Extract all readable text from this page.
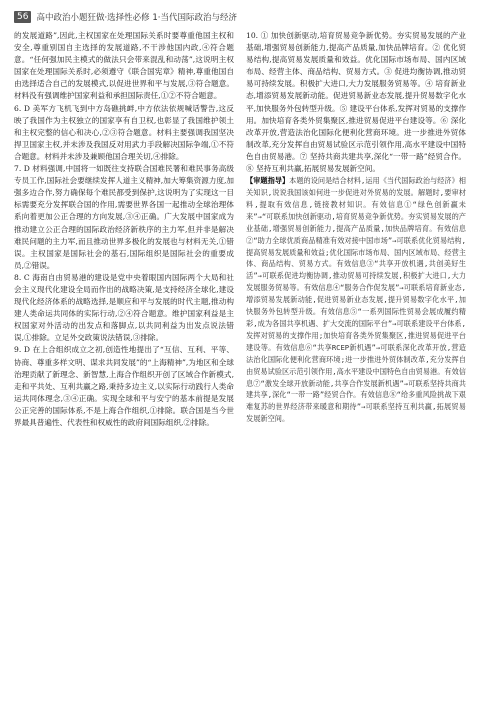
56 高中政治小题狂做·选择性必修 1·当代国际政治与经济

的发展道路”,因此,主权国家在处理国际关系时要尊重他国主权和安全,尊重别国自主选择的发展道路,不干涉他国内政,④符合题意。“任何强加民主模式的做法只会带来混乱和动荡”,这说明主权国家在处理国际关系时,必须遵守《联合国宪章》精神,尊重他国自由选择适合自己的发展模式,以促进世界和平与发展,③符合题意。材料没有强调维护国家利益和承担国际责任,①②不符合题意。

6. D 美军方飞机飞到中方岛礁挑衅,中方依法依规喊话警告,这反映了我国作为主权独立的国家享有自卫权,也彰显了我国维护领土和主权完整的信心和决心,②③符合题意。材料主要强调我国坚决捍卫国家主权,并未涉及我国反对用武力手段解决国际争端,①不符合题意。材料并未涉及兼顾他国合理关切,④排除。

7. D 材料强调,中国将一如既往支持联合国难民署和难民事务高级专员工作,国际社会要继续发挥人道主义精神,加大筹集资源力度,加强多边合作,努力确保每个难民都受到保护,这说明为了实现这一目标需要充分发挥联合国的作用,需要世界各国一起推动全球治理体系向着更加公正合理的方向发展,③④正确。广大发展中国家成为推动建立公正合理的国际政治经济新秩序的主力军,但并非是解决难民问题的主力军,而且推动世界多极化的发展也与材料无关,①错误。主权国家是国际社会的基石,国际组织是国际社会的重要成员,②错误。

8. C 海南自由贸易港的建设是党中央着眼国内国际两个大局和社会主义现代化建设全局而作出的战略决策,是支持经济全球化,建设现代化经济体系的战略选择,是顺应和平与发展的时代主题,推动构建人类命运共同体的实际行动,②④符合题意。维护国家利益是主权国家对外活动的出发点和落脚点,以共同利益为出发点说法错误,①排除。立足外交政策说法错误,③排除。

9. D 在上合组织成立之初,创造性地提出了“互信、互利、平等、协商、尊重多样文明、谋求共同发展”的“上海精神”,为地区和全球治理贡献了新理念、新智慧,上海合作组织开创了区域合作新模式,走和平共处、互利共赢之路,秉持多边主义,以实际行动践行人类命运共同体理念,③④正确。实现全球和平与安宁的基本前提是发展公正完善的国际体系,不是上海合作组织,①排除。联合国是当今世界最具普遍性、代表性和权威性的政府间国际组织,②排除。

10. ① 加快创新驱动,培育贸易竞争新优势。夯实贸易发展的产业基础,增强贸易创新能力,提高产品质量,加快品牌培育。② 优化贸易结构,提高贸易发展质量和效益。优化国际市场布局、国内区域布局、经营主体、商品结构、贸易方式。③ 促进均衡协调,推动贸易可持续发展。积极扩大进口,大力发展服务贸易等。④ 培育新业态,增添贸易发展新动能。促进贸易新业态发展,提升贸易数字化水平,加快服务外包转型升级。⑤ 建设平台体系,发挥对贸易的支撑作用。加快培育各类外贸集聚区,推进贸易促进平台建设等。⑥ 深化改革开放,营造法治化国际化便利化营商环境。进一步推进外贸体制改革,充分发挥自由贸易试验区示范引领作用,高水平建设中国特色自由贸易港。⑦ 坚持共商共建共享,深化“一带一路”经贸合作。⑧ 坚持互利共赢,拓展贸易发展新空间。

【审题指导】本题的设问是结合材料,运用《当代国际政治与经济》相关知识,说说我国该如何进一步促进对外贸易的发展。解题时,要审材料,提取有效信息,链接教材知识。有效信息①“绿色创新赢未来”→“可联系加快创新驱动,培育贸易竞争新优势。夯实贸易发展的产业基础,增强贸易创新能力,提高产品质量,加快品牌培育。有效信息②“助力全球优质商品精准有效对接中国市场”→可联系优化贸易结构,提高贸易发展质量和效益;优化国际市场布局、国内区域布局、经营主体、商品结构、贸易方式。有效信息③“共享开放机遇,共创美好生活”→可联系促进均衡协调,推动贸易可持续发展,积极扩大进口,大力发展服务贸易等。有效信息④“服务合作促发展”→可联系培育新业态,增添贸易发展新动能,促进贸易新业态发展,提升贸易数字化水平,加快服务外包转型升级。有效信息⑤“一系列国际性贸易会展成履约精彩,成为各国共享机遇、扩大交流的国际平台”→可联系建设平台体系,发挥对贸易的支撑作用;加快培育各类外贸集聚区,推进贸易促进平台建设等。有效信息⑥“共享RCEP新机遇”→可联系深化改革开放,营造法治化国际化便利化营商环境;进一步推进外贸体制改革,充分发挥自由贸易试验区示范引领作用,高水平建设中国特色自由贸易港。有效信息⑦“激发全球开放新动能,共享合作发展新机遇”→可联系坚持共商共建共享,深化“一带一路”经贸合作。有效信息⑧“给多重风险挑战下艰难复苏的世界经济带来暖意和期待”→可联系坚持互利共赢,拓展贸易发展新空间。
